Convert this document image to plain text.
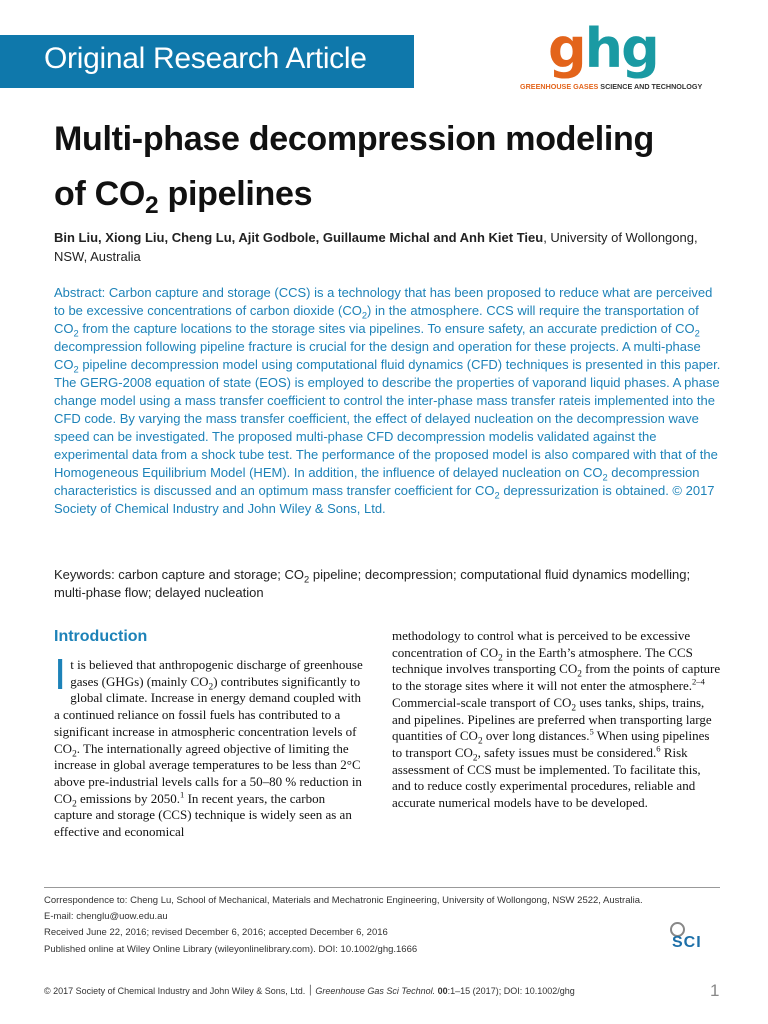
Original Research Article	ghg
GREENHOUSE GASES SCIENCE AND TECHNOLOGY
Multi-phase decompression modeling
of $CO_2$ pipelines
Bin Liu, Xiong Liu, Cheng Lu, Ajit Godbole, Guillaume Michal and Anh Kiet Tieu, University of Wollongong, NSW, Australia
Abstract: Carbon capture and storage (CCS) is a technology that has been proposed to reduce what are perceived to be excessive concentrations of carbon dioxide $(CO_2)$ in the atmosphere. CCS will require the transportation of $CO_2$ from the capture locations to the storage sites via pipelines. To ensure safety, an accurate prediction of $CO_2$ decompression following pipeline fracture is crucial for the design and operation for these projects. A multi-phase $CO_2$ pipeline decompression model using computational fluid dynamics (CFD) techniques is presented in this paper. The GERG-2008 equation of state (EOS) is employed to describe the properties of vaporand liquid phases. A phase change model using a mass transfer coefficient to control the inter-phase mass transfer rateis implemented into the CFD code. By varying the mass transfer coefficient, the effect of delayed nucleation on the decompression wave speed can be investigated. The proposed multi-phase CFD decompression modelis validated against the experimental data from a shock tube test. The performance of the proposed model is also compared with that of the Homogeneous Equilibrium Model (HEM). In addition, the influence of delayed nucleation on $CO_2$ decompression characteristics is discussed and an optimum mass transfer coefficient for $CO_2$ depressurization is obtained. © 2017 Society of Chemical Industry and John Wiley & Sons, Ltd.
Keywords: carbon capture and storage; $CO_2$ pipeline; decompression; computational fluid dynamics modelling; multi-phase flow; delayed nucleation
Introduction
It is believed that anthropogenic discharge of greenhouse gases (GHGs) (mainly $CO_2$) contributes significantly to global climate. Increase in energy demand coupled with a continued reliance on fossil fuels has contributed to a significant increase in atmospheric concentration levels of $CO_2$. The internationally agreed objective of limiting the increase in global average temperatures to be less than 2°C above pre-industrial levels calls for a 50–80 % reduction in $CO_2$ emissions by 2050.$^1$ In recent years, the carbon capture and storage (CCS) technique is widely seen as an effective and economical
methodology to control what is perceived to be excessive concentration of $CO_2$ in the Earth’s atmosphere. The CCS technique involves transporting $CO_2$ from the points of capture to the storage sites where it will not enter the atmosphere.$^{2-4}$ Commercial-scale transport of $CO_2$ uses tanks, ships, trains, and pipelines. Pipelines are preferred when transporting large quantities of $CO_2$ over long distances.$^5$ When using pipelines to transport $CO_2$, safety issues must be considered.$^6$ Risk assessment of CCS must be implemented. To facilitate this, and to reduce costly experimental procedures, reliable and accurate numerical models have to be developed.
Correspondence to: Cheng Lu, School of Mechanical, Materials and Mechatronic Engineering, University of Wollongong, NSW 2522, Australia.
E-mail: chenglu@uow.edu.au
Received June 22, 2016; revised December 6, 2016; accepted December 6, 2016
Published online at Wiley Online Library (wileyonlinelibrary.com). DOI: 10.1002/ghg.1666	SCI
© 2017 Society of Chemical Industry and John Wiley & Sons, Ltd. ׀ Greenhouse Gas Sci Technol. 00:1–15 (2017); DOI: 10.1002/ghg	1
